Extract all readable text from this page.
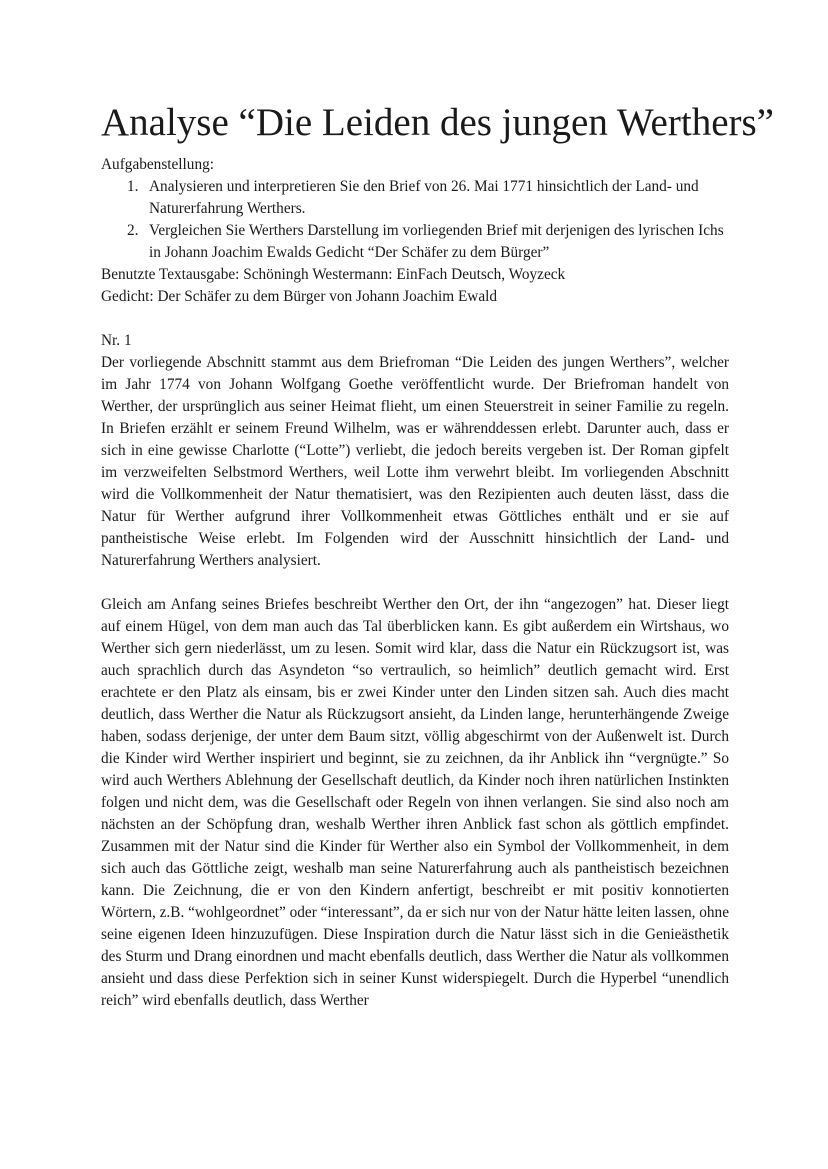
Analyse “Die Leiden des jungen Werthers”

Aufgabenstellung:

1. Analysieren und interpretieren Sie den Brief von 26. Mai 1771 hinsichtlich der Land- und Naturerfahrung Werthers.
2. Vergleichen Sie Werthers Darstellung im vorliegenden Brief mit derjenigen des lyrischen Ichs in Johann Joachim Ewalds Gedicht “Der Schäfer zu dem Bürger”

Benutzte Textausgabe: Schöningh Westermann: EinFach Deutsch, Woyzeck

Gedicht: Der Schäfer zu dem Bürger von Johann Joachim Ewald

Nr. 1

Der vorliegende Abschnitt stammt aus dem Briefroman “Die Leiden des jungen Werthers”, welcher im Jahr 1774 von Johann Wolfgang Goethe veröffentlicht wurde. Der Briefroman handelt von Werther, der ursprünglich aus seiner Heimat flieht, um einen Steuerstreit in seiner Familie zu regeln. In Briefen erzählt er seinem Freund Wilhelm, was er währenddessen erlebt. Darunter auch, dass er sich in eine gewisse Charlotte (“Lotte”) verliebt, die jedoch bereits vergeben ist. Der Roman gipfelt im verzweifelten Selbstmord Werthers, weil Lotte ihm verwehrt bleibt. Im vorliegenden Abschnitt wird die Vollkommenheit der Natur thematisiert, was den Rezipienten auch deuten lässt, dass die Natur für Werther aufgrund ihrer Vollkommenheit etwas Göttliches enthält und er sie auf pantheistische Weise erlebt. Im Folgenden wird der Ausschnitt hinsichtlich der Land- und Naturerfahrung Werthers analysiert.

Gleich am Anfang seines Briefes beschreibt Werther den Ort, der ihn “angezogen” hat. Dieser liegt auf einem Hügel, von dem man auch das Tal überblicken kann. Es gibt außerdem ein Wirtshaus, wo Werther sich gern niederlässt, um zu lesen. Somit wird klar, dass die Natur ein Rückzugsort ist, was auch sprachlich durch das Asyndeton “so vertraulich, so heimlich” deutlich gemacht wird. Erst erachtete er den Platz als einsam, bis er zwei Kinder unter den Linden sitzen sah. Auch dies macht deutlich, dass Werther die Natur als Rückzugsort ansieht, da Linden lange, herunterhängende Zweige haben, sodass derjenige, der unter dem Baum sitzt, völlig abgeschirmt von der Außenwelt ist. Durch die Kinder wird Werther inspiriert und beginnt, sie zu zeichnen, da ihr Anblick ihn “vergnügte.” So wird auch Werthers Ablehnung der Gesellschaft deutlich, da Kinder noch ihren natürlichen Instinkten folgen und nicht dem, was die Gesellschaft oder Regeln von ihnen verlangen. Sie sind also noch am nächsten an der Schöpfung dran, weshalb Werther ihren Anblick fast schon als göttlich empfindet. Zusammen mit der Natur sind die Kinder für Werther also ein Symbol der Vollkommenheit, in dem sich auch das Göttliche zeigt, weshalb man seine Naturerfahrung auch als pantheistisch bezeichnen kann. Die Zeichnung, die er von den Kindern anfertigt, beschreibt er mit positiv konnotierten Wörtern, z.B. “wohlgeordnet” oder “interessant”, da er sich nur von der Natur hätte leiten lassen, ohne seine eigenen Ideen hinzuzufügen. Diese Inspiration durch die Natur lässt sich in die Genieästhetik des Sturm und Drang einordnen und macht ebenfalls deutlich, dass Werther die Natur als vollkommen ansieht und dass diese Perfektion sich in seiner Kunst widerspiegelt. Durch die Hyperbel “unendlich reich” wird ebenfalls deutlich, dass Werther
